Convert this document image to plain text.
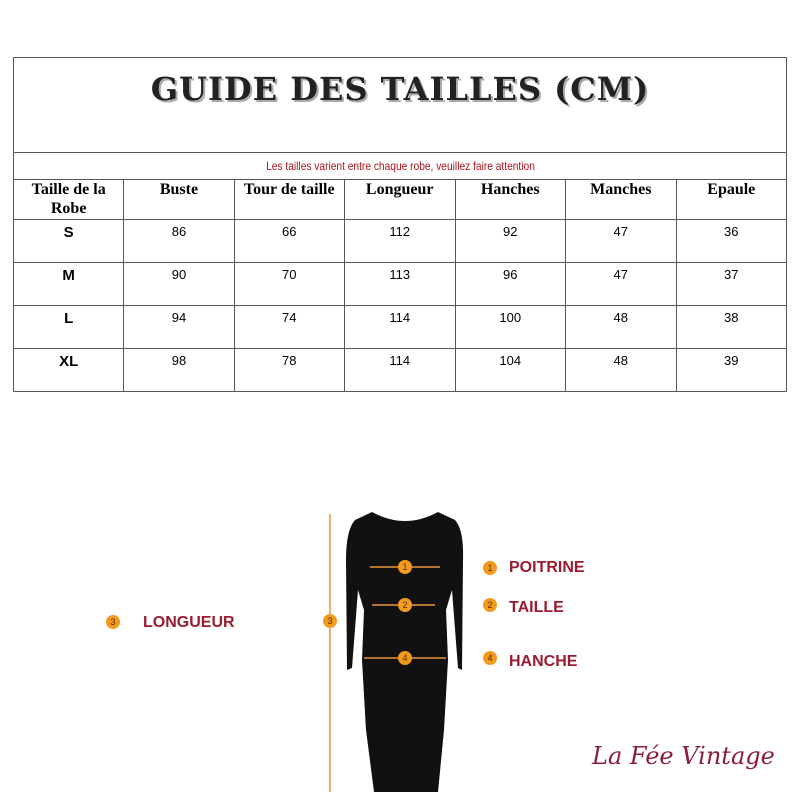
GUIDE DES TAILLES (CM)						
Les tailles varient entre chaque robe, veuillez faire attention						
Taille de la Robe	Buste	Tour de taille	Longueur	Hanches	Manches	Epaule
S	86	66	112	92	47	36
M	90	70	113	96	47	37
L	94	74	114	100	48	38
XL	98	78	114	104	48	39
1
2
3
4
1 POITRINE
2 TAILLE
3 LONGUEUR
4 HANCHE
La Fée Vintage
